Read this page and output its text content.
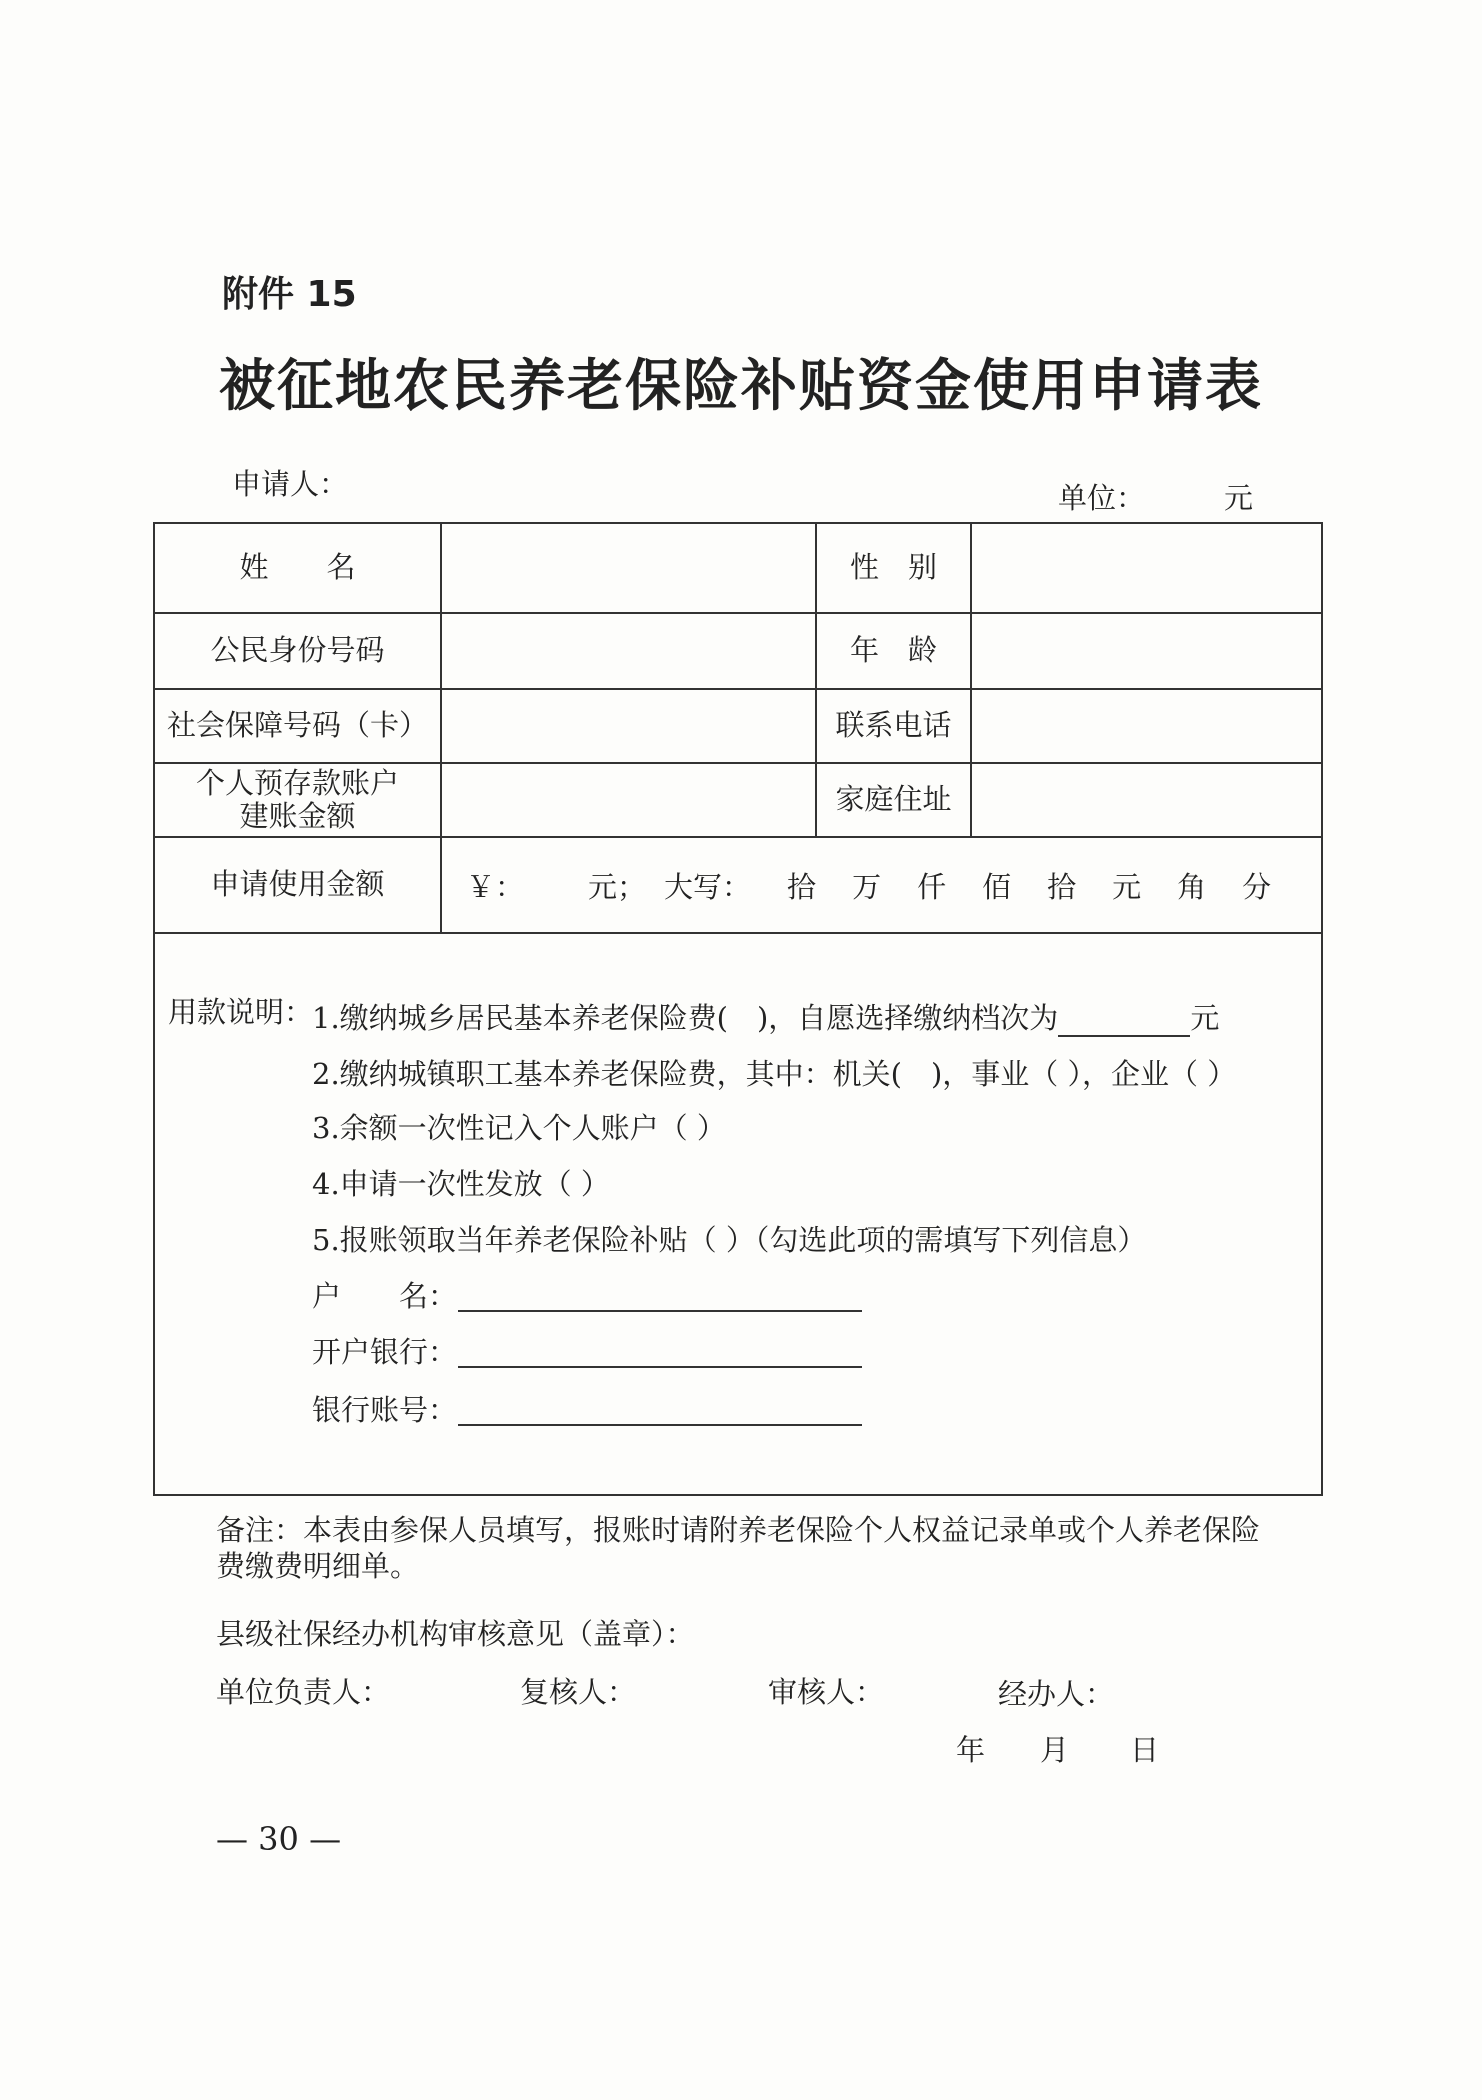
附件 15
被征地农民养老保险补贴资金使用申请表
申请人：	单位：	元
姓　　名	性　别
公民身份号码	年　龄
社会保障号码（卡）	联系电话
个人预存款账户
建账金额	家庭住址
申请使用金额	￥： 元； 大写： 拾 万 仟 佰 拾 元 角 分
用款说明：
1.缴纳城乡居民基本养老保险费(　)，自愿选择缴纳档次为	元
2.缴纳城镇职工基本养老保险费，其中：机关(　)，事业（ ），企业（ ）
3.余额一次性记入个人账户（ ）
4.申请一次性发放（ ）
5.报账领取当年养老保险补贴（ ）（勾选此项的需填写下列信息）
户　　名：
开户银行：
银行账号：
备注：本表由参保人员填写，报账时请附养老保险个人权益记录单或个人养老保险
费缴费明细单。
县级社保经办机构审核意见（盖章）：
单位负责人：	复核人：	审核人：	经办人：
年 月 日
— 30 —
